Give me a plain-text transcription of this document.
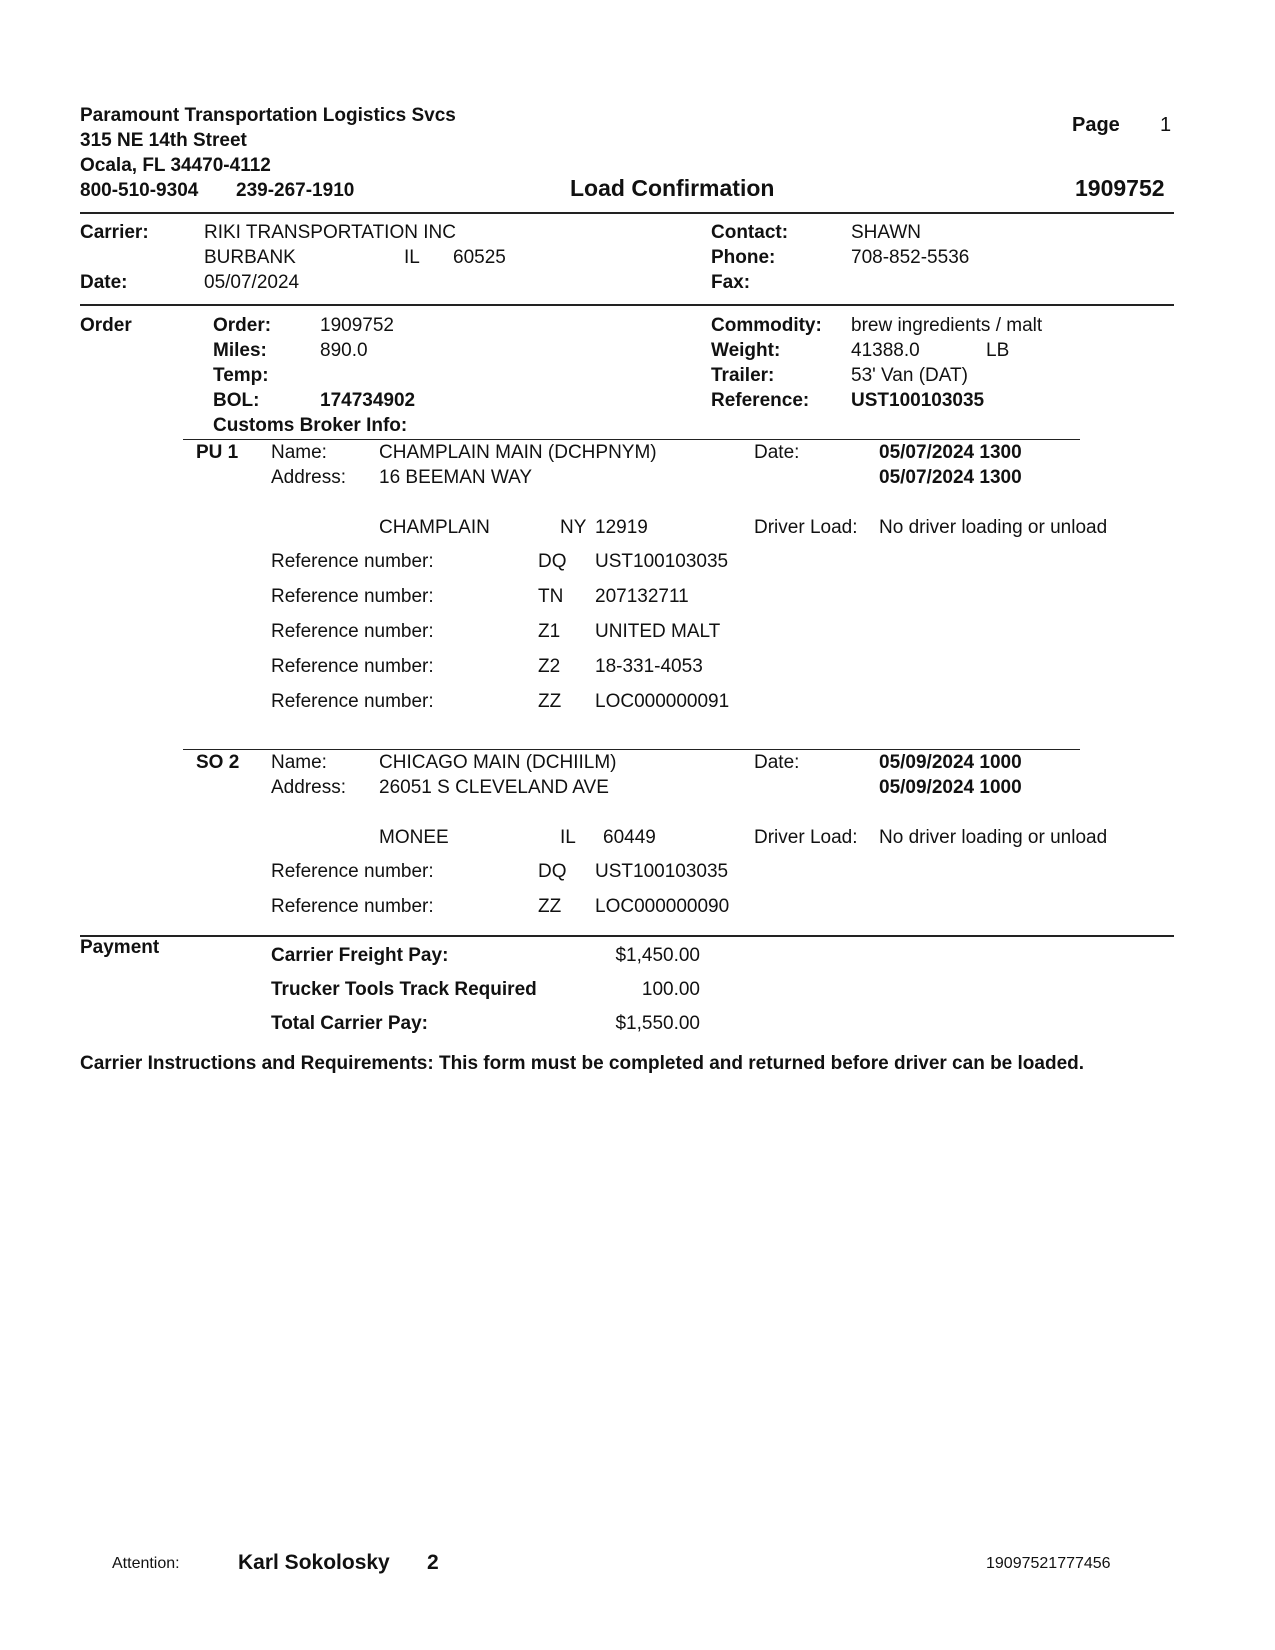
Paramount Transportation Logistics Svcs
315 NE 14th Street
Ocala, FL 34470-4112
800-510-9304 239-267-1910
Page 1
Load Confirmation	1909752
Carrier:	RIKI TRANSPORTATION INC
BURBANK	IL 60525
Date:	05/07/2024
Contact:	SHAWN
Phone:	708-852-5536
Fax:
Order	Order:	1909752
Miles:	890.0
Temp:
BOL:	174734902
Customs Broker Info:
Commodity: brew ingredients / malt
Weight:	41388.0	LB
Trailer:	53' Van (DAT)
Reference: UST100103035
PU 1 Name:	CHAMPLAIN MAIN (DCHPNYM)
Address: 16 BEEMAN WAY
Date:	05/07/2024 1300
05/07/2024 1300
CHAMPLAIN	NY 12919	Driver Load: No driver loading or unload
Reference number:	DQ UST100103035
Reference number:	TN 207132711
Reference number:	Z1 UNITED MALT
Reference number:	Z2 18-331-4053
Reference number:	ZZ LOC000000091
SO 2 Name:	CHICAGO MAIN (DCHIILM)
Address: 26051 S CLEVELAND AVE
Date:	05/09/2024 1000
05/09/2024 1000
MONEE	IL 60449	Driver Load: No driver loading or unload
Reference number:	DQ UST100103035
Reference number:	ZZ LOC000000090
Payment	Carrier Freight Pay:	$1,450.00
Trucker Tools Track Required	100.00
Total Carrier Pay:	$1,550.00
Carrier Instructions and Requirements: This form must be completed and returned before driver can be loaded.
Attention:	Karl Sokolosky 2	19097521777456
